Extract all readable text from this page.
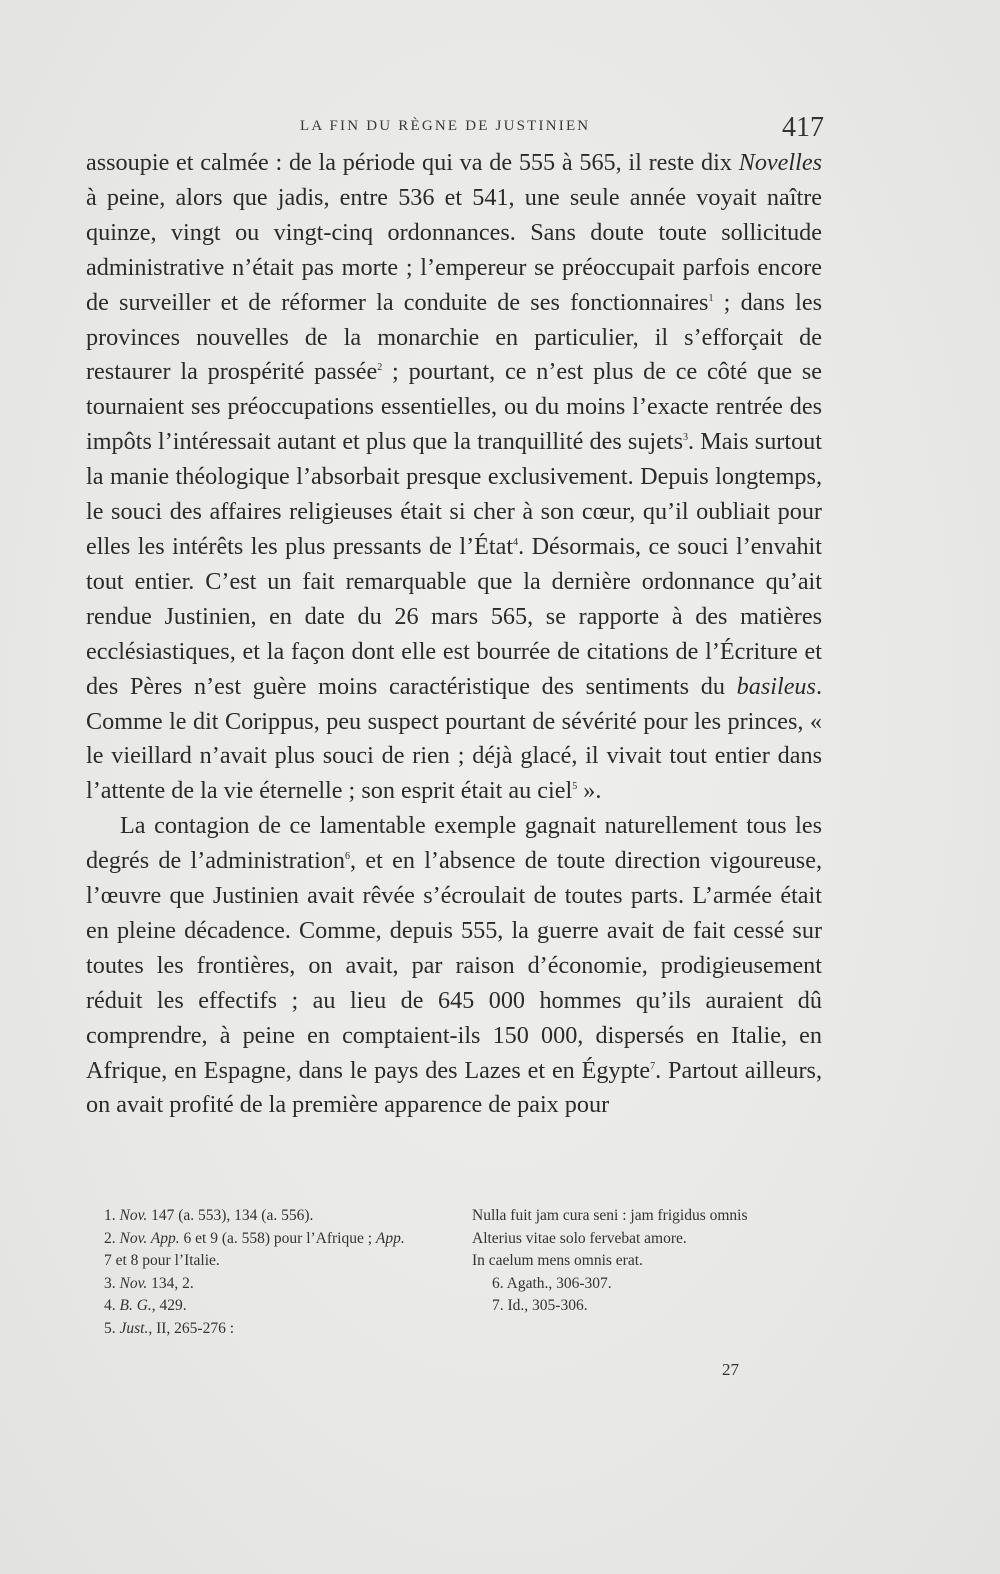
LA FIN DU RÈGNE DE JUSTINIEN	417

assoupie et calmée : de la période qui va de 555 à 565, il reste dix Novelles à peine, alors que jadis, entre 536 et 541, une seule année voyait naître quinze, vingt ou vingt-cinq ordonnances. Sans doute toute sollicitude administrative n’était pas morte ; l’empereur se préoccupait parfois encore de surveiller et de réformer la conduite de ses fonctionnaires$^1$ ; dans les provinces nouvelles de la monarchie en particulier, il s’efforçait de restaurer la prospérité passée$^2$ ; pourtant, ce n’est plus de ce côté que se tournaient ses préoccupations essentielles, ou du moins l’exacte rentrée des impôts l’intéressait autant et plus que la tranquillité des sujets$^3$. Mais surtout la manie théologique l’absorbait presque exclusivement. Depuis longtemps, le souci des affaires religieuses était si cher à son cœur, qu’il oubliait pour elles les intérêts les plus pressants de l’État$^4$. Désormais, ce souci l’envahit tout entier. C’est un fait remarquable que la dernière ordonnance qu’ait rendue Justinien, en date du 26 mars 565, se rapporte à des matières ecclésiastiques, et la façon dont elle est bourrée de citations de l’Écriture et des Pères n’est guère moins caractéristique des sentiments du basileus. Comme le dit Corippus, peu suspect pourtant de sévérité pour les princes, « le vieillard n’avait plus souci de rien ; déjà glacé, il vivait tout entier dans l’attente de la vie éternelle ; son esprit était au ciel$^5$ ».

La contagion de ce lamentable exemple gagnait naturellement tous les degrés de l’administration$^6$, et en l’absence de toute direction vigoureuse, l’œuvre que Justinien avait rêvée s’écroulait de toutes parts. L’armée était en pleine décadence. Comme, depuis 555, la guerre avait de fait cessé sur toutes les frontières, on avait, par raison d’économie, prodigieusement réduit les effectifs ; au lieu de 645 000 hommes qu’ils auraient dû comprendre, à peine en comptaient-ils 150 000, dispersés en Italie, en Afrique, en Espagne, dans le pays des Lazes et en Égypte$^7$. Partout ailleurs, on avait profité de la première apparence de paix pour

1. Nov. 147 (a. 553), 134 (a. 556).

2. Nov. App. 6 et 9 (a. 558) pour l’Afrique ; App. 7 et 8 pour l’Italie.

3. Nov. 134, 2.

4. B. G., 429.

5. Just., II, 265-276 :

Nulla fuit jam cura seni : jam frigidus omnis

Alterius vitae solo fervebat amore.

In caelum mens omnis erat.

6. Agath., 306-307.

7. Id., 305-306.

27
